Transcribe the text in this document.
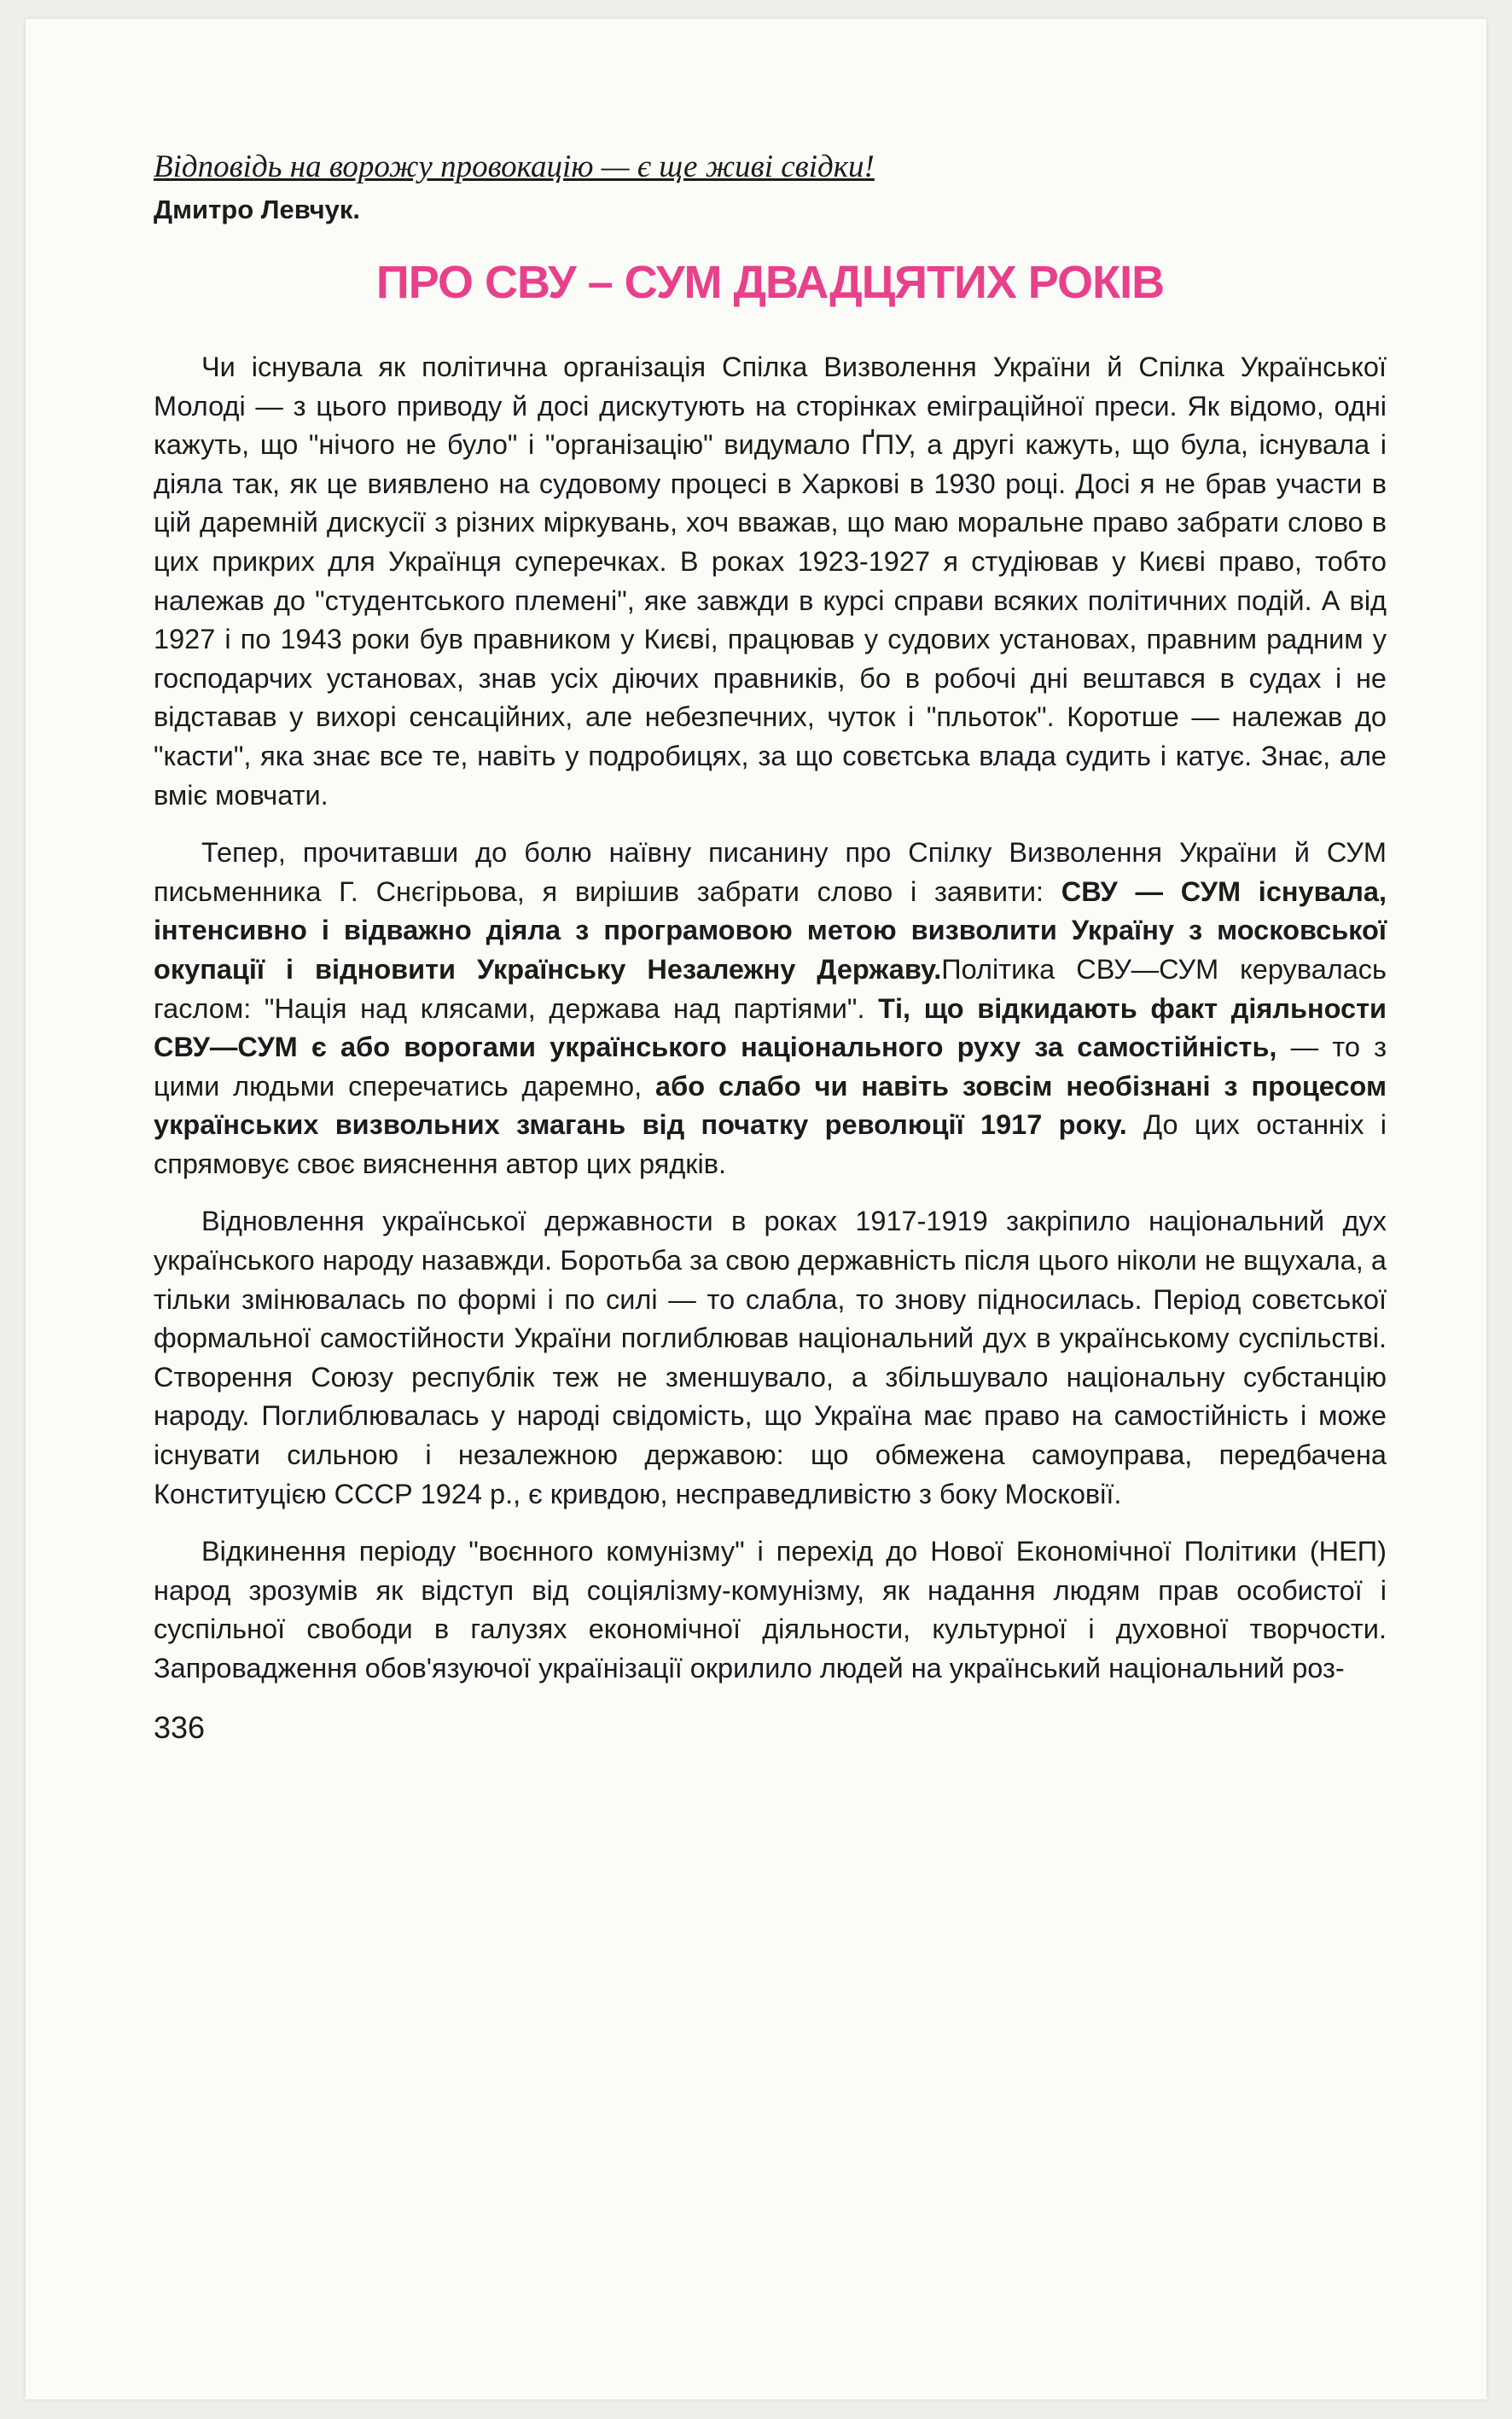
Відповідь на ворожу провокацію — є ще живі свідки!

Дмитро Левчук.

ПРО СВУ – СУМ ДВАДЦЯТИХ РОКІВ

Чи існувала як політична організація Спілка Визволення України й Спілка Української Молоді — з цього приводу й досі дискутують на сторінках еміграційної преси. Як відомо, одні кажуть, що "нічого не було" і "організацію" видумало ҐПУ, а другі кажуть, що була, існувала і діяла так, як це виявлено на судовому процесі в Харкові в 1930 році. Досі я не брав участи в цій даремній дискусії з різних міркувань, хоч вважав, що маю моральне право забрати слово в цих прикрих для Українця суперечках. В роках 1923-1927 я студіював у Києві право, тобто належав до "студентського племені", яке завжди в курсі справи всяких політичних подій. А від 1927 і по 1943 роки був правником у Києві, працював у судових установах, правним радним у господарчих установах, знав усіх діючих правників, бо в робочі дні вештався в судах і не відставав у вихорі сенсаційних, але небезпечних, чуток і "пльоток". Коротше — належав до "касти", яка знає все те, навіть у подробицях, за що совєтська влада судить і катує. Знає, але вміє мовчати.

Тепер, прочитавши до болю наївну писанину про Спілку Визволення України й СУМ письменника Г. Снєгірьова, я вирішив забрати слово і заявити: СВУ — СУМ існувала, інтенсивно і відважно діяла з програмовою метою визволити Україну з московської окупації і відновити Українську Незалежну Державу.Політика СВУ—СУМ керувалась гаслом: "Нація над клясами, держава над партіями". Ті, що відкидають факт діяльности СВУ—СУМ є або ворогами українського національного руху за самостійність, — то з цими людьми сперечатись даремно, або слабо чи навіть зовсім необізнані з процесом українських визвольних змагань від початку революції 1917 року. До цих останніх і спрямовує своє вияснення автор цих рядків.

Відновлення української державности в роках 1917-1919 закріпило національний дух українського народу назавжди. Боротьба за свою державність після цього ніколи не вщухала, а тільки змінювалась по формі і по силі — то слабла, то знову підносилась. Період совєтської формальної самостійности України поглиблював національний дух в українському суспільстві. Створення Союзу республік теж не зменшувало, а збільшувало національну субстанцію народу. Поглиблювалась у народі свідомість, що Україна має право на самостійність і може існувати сильною і незалежною державою: що обмежена самоуправа, передбачена Конституцією СССР 1924 р., є кривдою, несправедливістю з боку Московії.

Відкинення періоду "воєнного комунізму" і перехід до Нової Економічної Політики (НЕП) народ зрозумів як відступ від соціялізму-комунізму, як надання людям прав особистої і суспільної свободи в галузях економічної діяльности, культурної і духовної творчости. Запровадження обов'язуючої українізації окрилило людей на український національний роз-

336
